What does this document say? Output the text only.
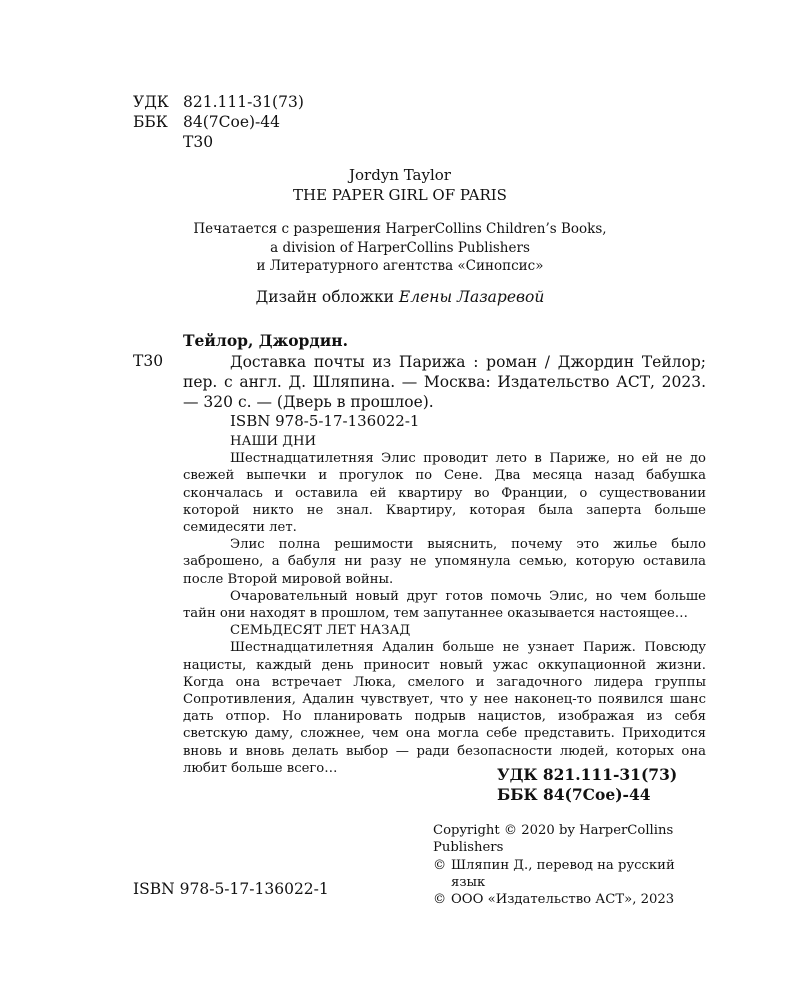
УДК 821.111-31(73)
ББК 84(7Сое)-44
Т30
Jordyn Taylor
THE PAPER GIRL OF PARIS
Печатается с разрешения HarperCollins Children’s Books,
a division of HarperCollins Publishers
и Литературного агентства «Синопсис»
Дизайн обложки Елены Лазаревой
Тейлор, Джордин.
Т30	Доставка почты из Парижа : роман / Джордин Тейлор; пер. с англ. Д. Шляпина. — Москва: Издательство АСТ, 2023. — 320 с. — (Дверь в прошлое).

ISBN 978-5-17-136022-1
НАШИ ДНИ

Шестнадцатилетняя Элис проводит лето в Париже, но ей не до свежей выпечки и прогулок по Сене. Два месяца назад бабушка скончалась и оставила ей квартиру во Франции, о существовании которой никто не знал. Квартиру, которая была заперта больше семидесяти лет.

Элис полна решимости выяснить, почему это жилье было заброшено, а бабуля ни разу не упомянула семью, которую оставила после Второй мировой войны.

Очаровательный новый друг готов помочь Элис, но чем больше тайн они находят в прошлом, тем запутаннее оказывается настоящее…

СЕМЬДЕСЯТ ЛЕТ НАЗАД

Шестнадцатилетняя Адалин больше не узнает Париж. Повсюду нацисты, каждый день приносит новый ужас оккупационной жизни. Когда она встречает Люка, смелого и загадочного лидера группы Сопротивления, Адалин чувствует, что у нее наконец-то появился шанс дать отпор. Но планировать подрыв нацистов, изображая из себя светскую даму, сложнее, чем она могла себе представить. Приходится вновь и вновь делать выбор — ради безопасности людей, которых она любит больше всего…	УДК 821.111-31(73)
ББК 84(7Сое)-44
Copyright © 2020 by HarperCollins Publishers
© Шляпин Д., перевод на русский язык
© ООО «Издательство АСТ», 2023
ISBN 978-5-17-136022-1
